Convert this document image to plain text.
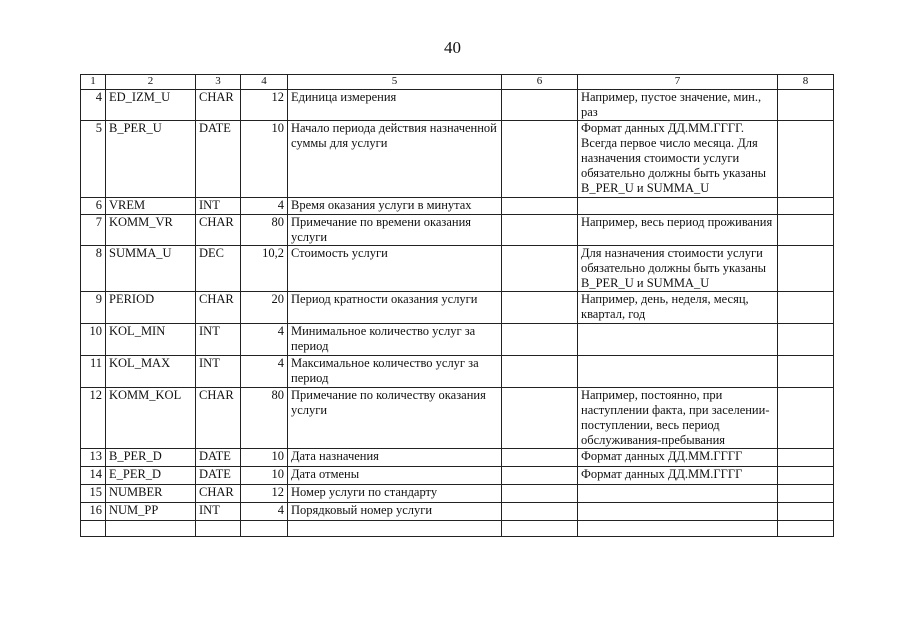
40
1	2	3	4	5	6	7	8
4	ED_IZM_U	CHAR	12	Единица измерения		Например, пустое значение, мин., раз	
5	B_PER_U	DATE	10	Начало периода действия назначенной суммы для услуги		Формат данных ДД.ММ.ГГГГ. Всегда первое число месяца. Для назначения стоимости услуги обязательно должны быть указаны B_PER_U и SUMMA_U	
6	VREM	INT	4	Время оказания услуги в минутах			
7	KOMM_VR	CHAR	80	Примечание по времени оказания услуги		Например, весь период проживания	
8	SUMMA_U	DEC	10,2	Стоимость услуги		Для назначения стоимости услуги обязательно должны быть указаны B_PER_U и SUMMA_U	
9	PERIOD	CHAR	20	Период кратности оказания услуги		Например, день, неделя, месяц, квартал, год	
10	KOL_MIN	INT	4	Минимальное количество услуг за период			
11	KOL_MAX	INT	4	Максимальное количество услуг за период			
12	KOMM_KOL	CHAR	80	Примечание по количеству оказания услуги		Например, постоянно, при наступлении факта, при заселении-поступлении, весь период обслуживания-пребывания	
13	B_PER_D	DATE	10	Дата назначения		Формат данных ДД.ММ.ГГГГ	
14	E_PER_D	DATE	10	Дата отмены		Формат данных ДД.ММ.ГГГГ	
15	NUMBER	CHAR	12	Номер услуги по стандарту			
16	NUM_PP	INT	4	Порядковый номер услуги			
